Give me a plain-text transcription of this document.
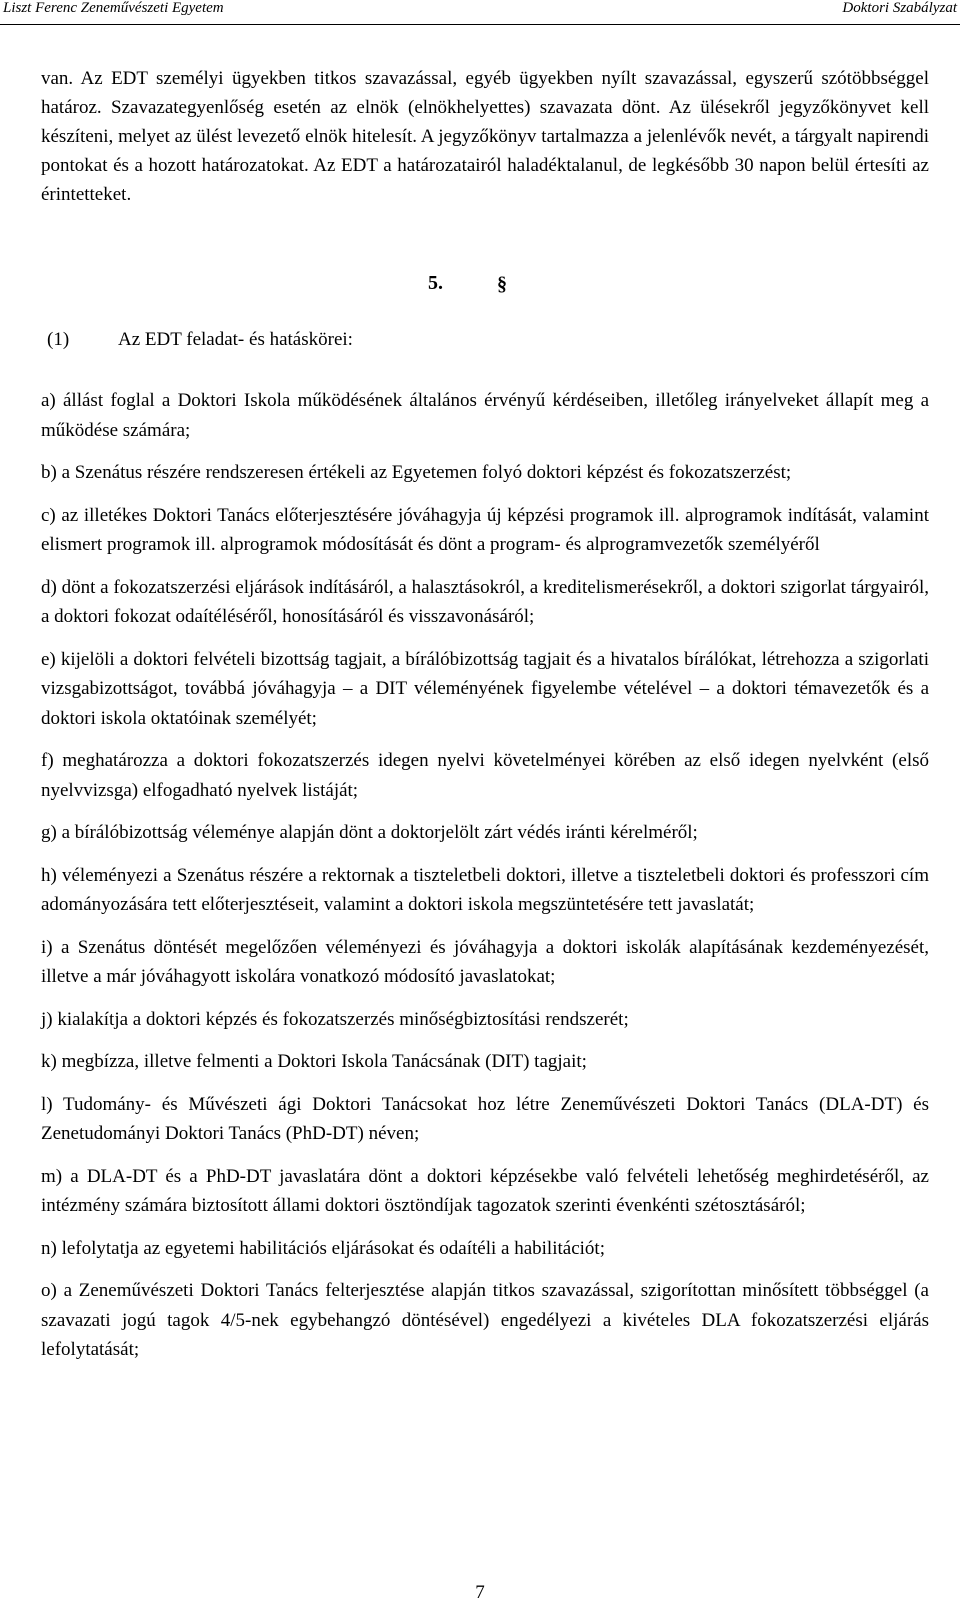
Liszt Ferenc Zeneművészeti Egyetem	Doktori Szabályzat

van. Az EDT személyi ügyekben titkos szavazással, egyéb ügyekben nyílt szavazással, egyszerű szótöbbséggel határoz. Szavazategyenlőség esetén az elnök (elnökhelyettes) szavazata dönt. Az ülésekről jegyzőkönyvet kell készíteni, melyet az ülést levezető elnök hitelesít. A jegyzőkönyv tartalmazza a jelenlévők nevét, a tárgyalt napirendi pontokat és a hozott határozatokat. Az EDT a határozatairól haladéktalanul, de legkésőbb 30 napon belül értesíti az érintetteket.

5.	§
(1)	Az EDT feladat- és hatáskörei:

a) állást foglal a Doktori Iskola működésének általános érvényű kérdéseiben, illetőleg irányelveket állapít meg a működése számára;

b) a Szenátus részére rendszeresen értékeli az Egyetemen folyó doktori képzést és fokozatszerzést;

c) az illetékes Doktori Tanács előterjesztésére jóváhagyja új képzési programok ill. alprogramok indítását, valamint elismert programok ill. alprogramok módosítását és dönt a program- és alprogramvezetők személyéről

d) dönt a fokozatszerzési eljárások indításáról, a halasztásokról, a kreditelismerésekről, a doktori szigorlat tárgyairól, a doktori fokozat odaítéléséről, honosításáról és visszavonásáról;

e) kijelöli a doktori felvételi bizottság tagjait, a bírálóbizottság tagjait és a hivatalos bírálókat, létrehozza a szigorlati vizsgabizottságot, továbbá jóváhagyja – a DIT véleményének figyelembe vételével – a doktori témavezetők és a doktori iskola oktatóinak személyét;

f) meghatározza a doktori fokozatszerzés idegen nyelvi követelményei körében az első idegen nyelvként (első nyelvvizsga) elfogadható nyelvek listáját;

g) a bírálóbizottság véleménye alapján dönt a doktorjelölt zárt védés iránti kérelméről;

h) véleményezi a Szenátus részére a rektornak a tiszteletbeli doktori, illetve a tiszteletbeli doktori és professzori cím adományozására tett előterjesztéseit, valamint a doktori iskola megszüntetésére tett javaslatát;

i) a Szenátus döntését megelőzően véleményezi és jóváhagyja a doktori iskolák alapításának kezdeményezését, illetve a már jóváhagyott iskolára vonatkozó módosító javaslatokat;

j) kialakítja a doktori képzés és fokozatszerzés minőségbiztosítási rendszerét;

k) megbízza, illetve felmenti a Doktori Iskola Tanácsának (DIT) tagjait;

l) Tudomány- és Művészeti ági Doktori Tanácsokat hoz létre Zeneművészeti Doktori Tanács (DLA-DT) és Zenetudományi Doktori Tanács (PhD-DT) néven;

m) a DLA-DT és a PhD-DT javaslatára dönt a doktori képzésekbe való felvételi lehetőség meghirdetéséről, az intézmény számára biztosított állami doktori ösztöndíjak tagozatok szerinti évenkénti szétosztásáról;

n) lefolytatja az egyetemi habilitációs eljárásokat és odaítéli a habilitációt;

o) a Zeneművészeti Doktori Tanács felterjesztése alapján titkos szavazással, szigorítottan minősített többséggel (a szavazati jogú tagok 4/5-nek egybehangzó döntésével) engedélyezi a kivételes DLA fokozatszerzési eljárás lefolytatását;

7
